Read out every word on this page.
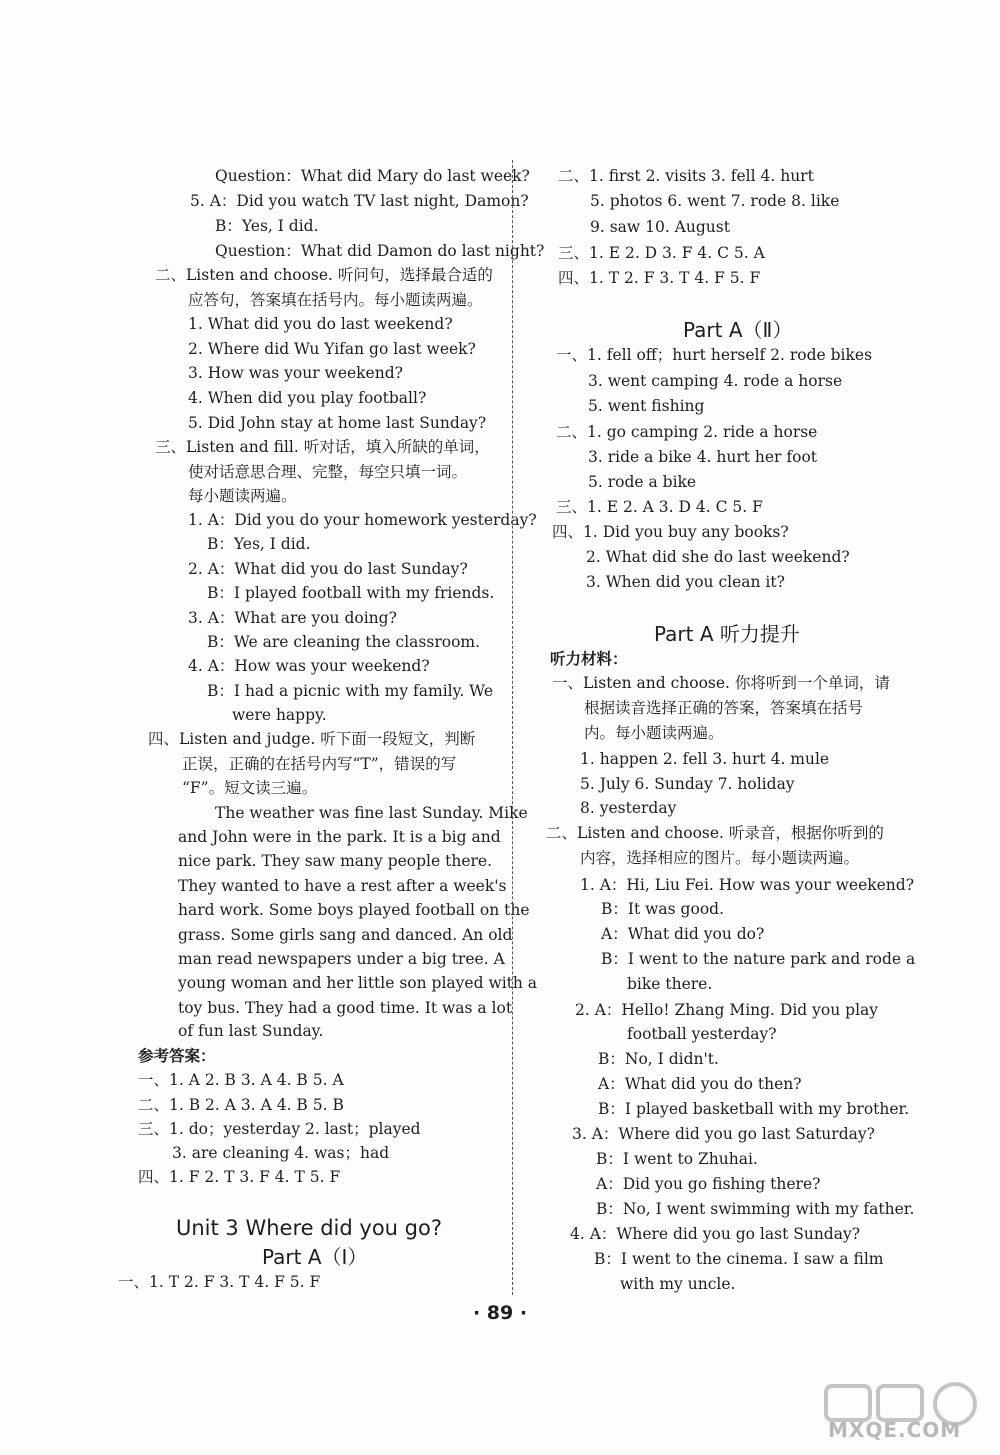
Question：What did Mary do last week?
5. A：Did you watch TV last night, Damon?
B：Yes, I did.
Question：What did Damon do last night?
二、Listen and choose. 听问句，选择最合适的
应答句，答案填在括号内。每小题读两遍。
1. What did you do last weekend?
2. Where did Wu Yifan go last week?
3. How was your weekend?
4. When did you play football?
5. Did John stay at home last Sunday?
三、Listen and fill. 听对话，填入所缺的单词，
使对话意思合理、完整，每空只填一词。
每小题读两遍。
1. A：Did you do your homework yesterday?
B：Yes, I did.
2. A：What did you do last Sunday?
B：I played football with my friends.
3. A：What are you doing?
B：We are cleaning the classroom.
4. A：How was your weekend?
B：I had a picnic with my family. We
were happy.
四、Listen and judge. 听下面一段短文，判断
正误，正确的在括号内写“T”，错误的写
“F”。短文读三遍。
The weather was fine last Sunday. Mike
and John were in the park. It is a big and
nice park. They saw many people there.
They wanted to have a rest after a week's
hard work. Some boys played football on the
grass. Some girls sang and danced. An old
man read newspapers under a big tree. A
young woman and her little son played with a
toy bus. They had a good time. It was a lot
of fun last Sunday.
参考答案：
一、1. A 2. B 3. A 4. B 5. A
二、1. B 2. A 3. A 4. B 5. B
三、1. do；yesterday 2. last；played
3. are cleaning 4. was；had
四、1. F 2. T 3. F 4. T 5. F
一、1. T 2. F 3. T 4. F 5. F
Unit 3 Where did you go?
Part A（Ⅰ）
二、1. first 2. visits 3. fell 4. hurt
5. photos 6. went 7. rode 8. like
9. saw 10. August
三、1. E 2. D 3. F 4. C 5. A
四、1. T 2. F 3. T 4. F 5. F
一、1. fell off；hurt herself 2. rode bikes
3. went camping 4. rode a horse
5. went fishing
二、1. go camping 2. ride a horse
3. ride a bike 4. hurt her foot
5. rode a bike
三、1. E 2. A 3. D 4. C 5. F
四、1. Did you buy any books?
2. What did she do last weekend?
3. When did you clean it?
听力材料：
一、Listen and choose. 你将听到一个单词，请
根据读音选择正确的答案，答案填在括号
内。每小题读两遍。
1. happen 2. fell 3. hurt 4. mule
5. July 6. Sunday 7. holiday
8. yesterday
二、Listen and choose. 听录音，根据你听到的
内容，选择相应的图片。每小题读两遍。
1. A：Hi, Liu Fei. How was your weekend?
B：It was good.
A：What did you do?
B：I went to the nature park and rode a
bike there.
2. A：Hello! Zhang Ming. Did you play
football yesterday?
B：No, I didn't.
A：What did you do then?
B：I played basketball with my brother.
3. A：Where did you go last Saturday?
B：I went to Zhuhai.
A：Did you go fishing there?
B：No, I went swimming with my father.
4. A：Where did you go last Sunday?
B：I went to the cinema. I saw a film
with my uncle.
Part A（Ⅱ）
Part A 听力提升
· 89 ·
MXQE.COM
